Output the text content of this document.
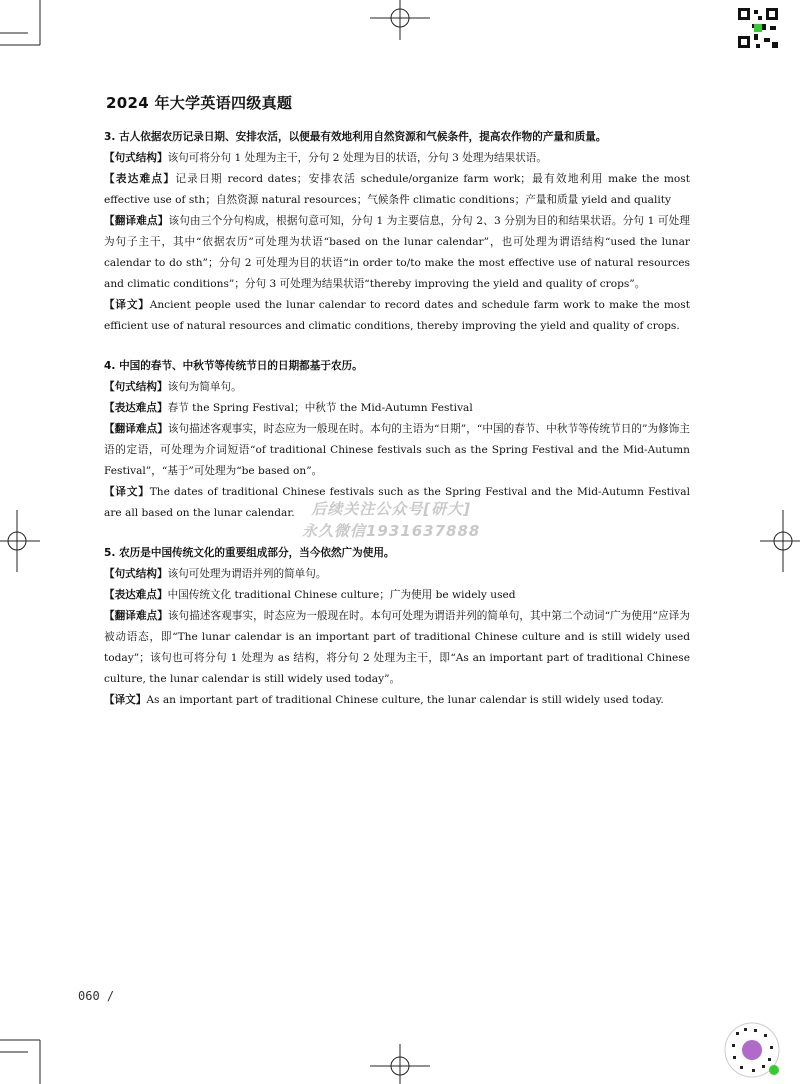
2024 年大学英语四级真题
3. 古人依据农历记录日期、安排农活，以便最有效地利用自然资源和气候条件，提高农作物的产量和质量。
【句式结构】该句可将分句 1 处理为主干，分句 2 处理为目的状语，分句 3 处理为结果状语。
【表达难点】记录日期 record dates；安排农活 schedule/organize farm work；最有效地利用 make the most effective use of sth；自然资源 natural resources；气候条件 climatic conditions；产量和质量 yield and quality
【翻译难点】该句由三个分句构成，根据句意可知，分句 1 为主要信息，分句 2、3 分别为目的和结果状语。分句 1 可处理为句子主干，其中“依据农历”可处理为状语“based on the lunar calendar”，也可处理为谓语结构“used the lunar calendar to do sth”；分句 2 可处理为目的状语“in order to/to make the most effective use of natural resources and climatic conditions”；分句 3 可处理为结果状语“thereby improving the yield and quality of crops”。
【译文】Ancient people used the lunar calendar to record dates and schedule farm work to make the most efficient use of natural resources and climatic conditions, thereby improving the yield and quality of crops.
4. 中国的春节、中秋节等传统节日的日期都基于农历。
【句式结构】该句为简单句。
【表达难点】春节 the Spring Festival；中秋节 the Mid-Autumn Festival
【翻译难点】该句描述客观事实，时态应为一般现在时。本句的主语为“日期”，“中国的春节、中秋节等传统节日的”为修饰主语的定语，可处理为介词短语“of traditional Chinese festivals such as the Spring Festival and the Mid-Autumn Festival”，“基于”可处理为“be based on”。
【译文】The dates of traditional Chinese festivals such as the Spring Festival and the Mid-Autumn Festival are all based on the lunar calendar.
5. 农历是中国传统文化的重要组成部分，当今依然广为使用。
【句式结构】该句可处理为谓语并列的简单句。
【表达难点】中国传统文化 traditional Chinese culture；广为使用 be widely used
【翻译难点】该句描述客观事实，时态应为一般现在时。本句可处理为谓语并列的简单句，其中第二个动词“广为使用”应译为被动语态，即“The lunar calendar is an important part of traditional Chinese culture and is still widely used today”；该句也可将分句 1 处理为 as 结构，将分句 2 处理为主干，即“As an important part of traditional Chinese culture, the lunar calendar is still widely used today”。
【译文】As an important part of traditional Chinese culture, the lunar calendar is still widely used today.
后续关注公众号[研大]
永久微信1931637888
060 /
